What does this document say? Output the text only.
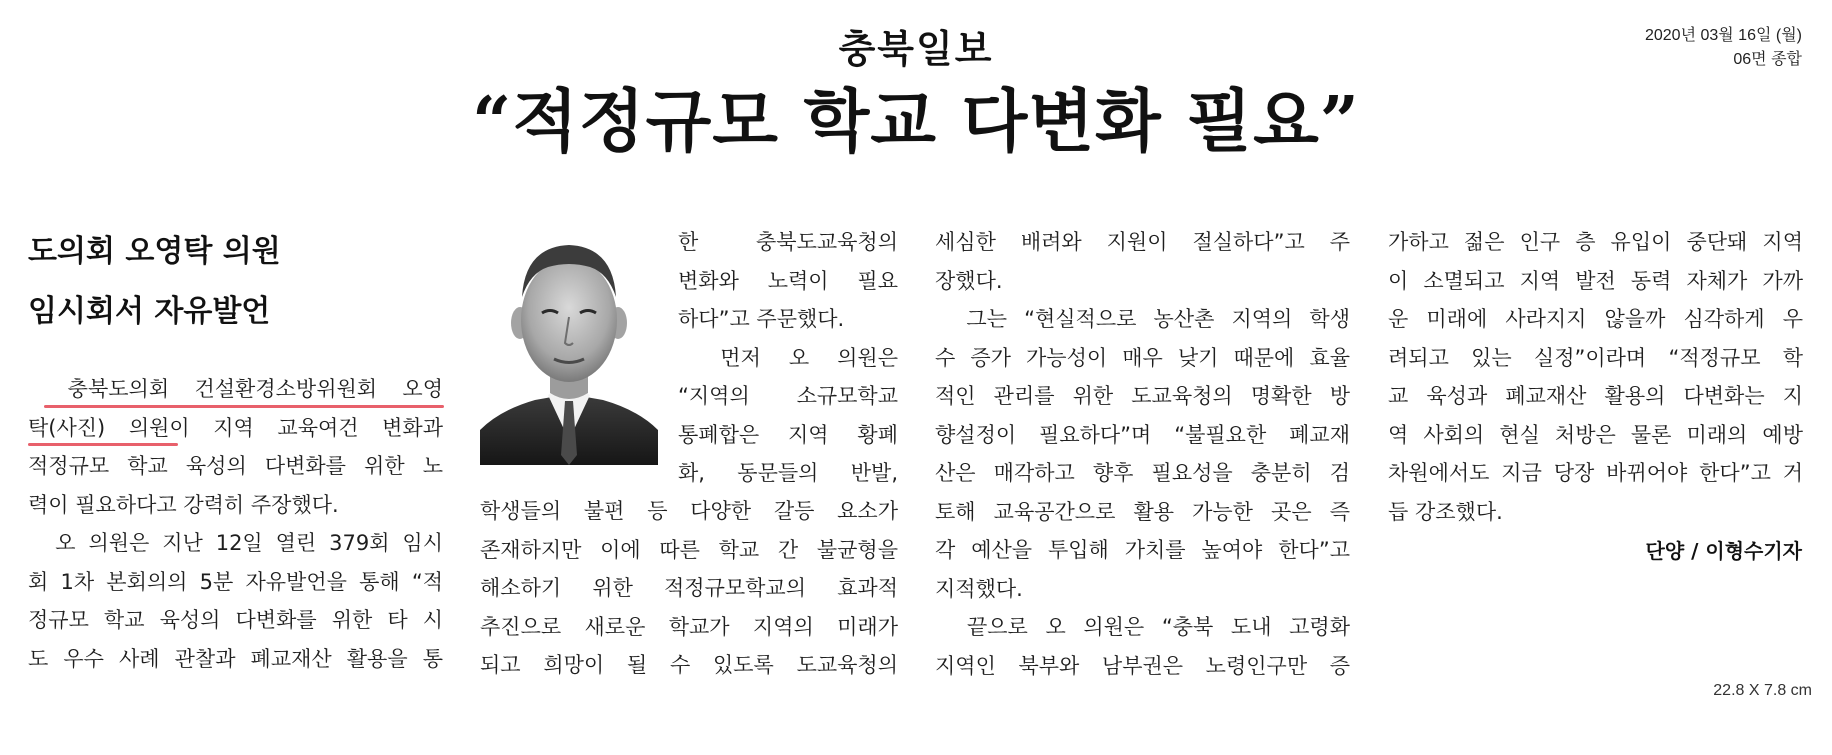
충북일보	2020년 03월 16일 (월)
06면 종합
“적정규모 학교 다변화 필요”
도의회 오영탁 의원
임시회서 자유발언
　충북도의회 건설환경소방위원회 오영
탁(사진) 의원이 지역 교육여건 변화과
적정규모 학교 육성의 다변화를 위한 노
력이 필요하다고 강력히 주장했다.
　오 의원은 지난 12일 열린 379회 임시
회 1차 본회의의 5분 자유발언을 통해 “적
정규모 학교 육성의 다변화를 위한 타 시
도 우수 사례 관찰과 폐교재산 활용을 통
한 충북도교육청의
변화와 노력이 필요
하다”고 주문했다.
　먼저 오 의원은
“지역의 소규모학교
통폐합은 지역 황폐
화, 동문들의 반발,
학생들의 불편 등 다양한 갈등 요소가
존재하지만 이에 따른 학교 간 불균형을
해소하기 위한 적정규모학교의 효과적
추진으로 새로운 학교가 지역의 미래가
되고 희망이 될 수 있도록 도교육청의
세심한 배려와 지원이 절실하다”고 주
장했다.
　그는 “현실적으로 농산촌 지역의 학생
수 증가 가능성이 매우 낮기 때문에 효율
적인 관리를 위한 도교육청의 명확한 방
향설정이 필요하다”며 “불필요한 폐교재
산은 매각하고 향후 필요성을 충분히 검
토해 교육공간으로 활용 가능한 곳은 즉
각 예산을 투입해 가치를 높여야 한다”고
지적했다.
　끝으로 오 의원은 “충북 도내 고령화
지역인 북부와 남부권은 노령인구만 증
가하고 젊은 인구 층 유입이 중단돼 지역
이 소멸되고 지역 발전 동력 자체가 가까
운 미래에 사라지지 않을까 심각하게 우
려되고 있는 실정”이라며 “적정규모 학
교 육성과 폐교재산 활용의 다변화는 지
역 사회의 현실 처방은 물론 미래의 예방
차원에서도 지금 당장 바뀌어야 한다”고 거
듭 강조했다.
단양 / 이형수기자
22.8 X 7.8 cm
